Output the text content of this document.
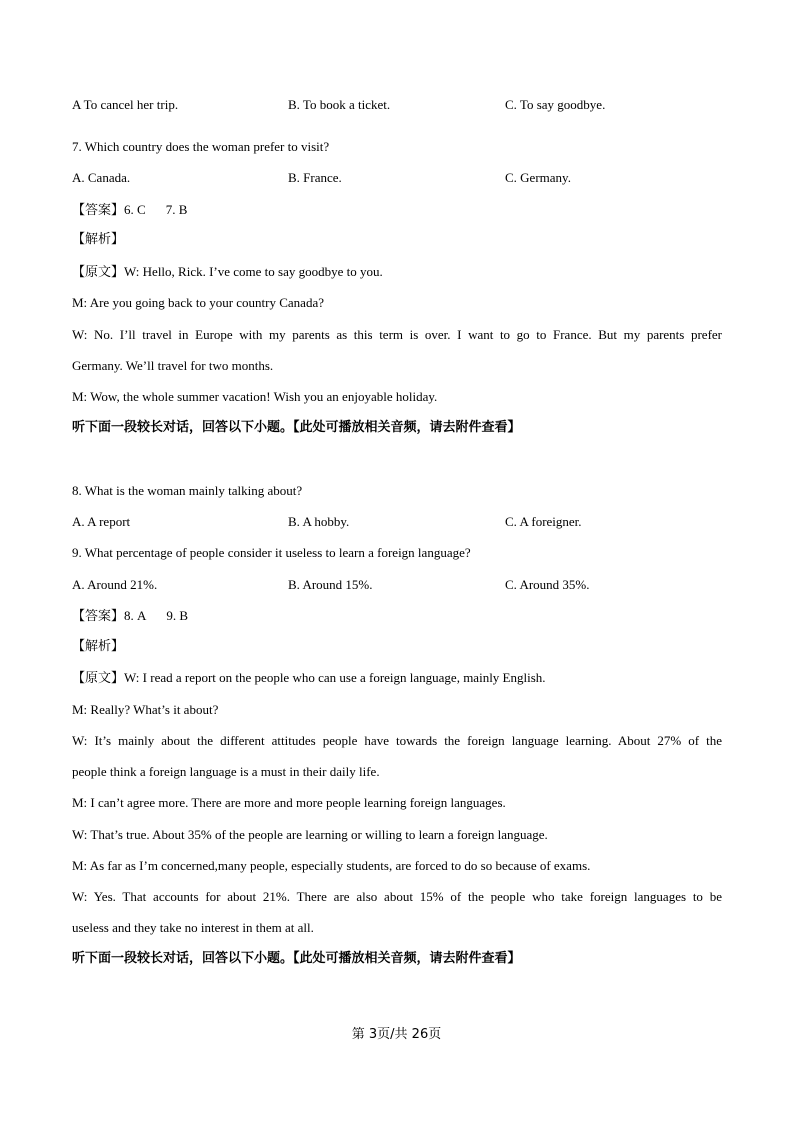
A To cancel her trip.	B. To book a ticket.	C. To say goodbye.
7. Which country does the woman prefer to visit?
A. Canada.	B. France.	C. Germany.
【答案】6. C 7. B
【解析】
【原文】W: Hello, Rick. I’ve come to say goodbye to you.
M: Are you going back to your country Canada?
W: No. I’ll travel in Europe with my parents as this term is over. I want to go to France. But my parents prefer
Germany. We’ll travel for two months.
M: Wow, the whole summer vacation! Wish you an enjoyable holiday.
听下面一段较长对话，回答以下小题。【此处可播放相关音频，请去附件查看】
8. What is the woman mainly talking about?
A. A report	B. A hobby.	C. A foreigner.
9. What percentage of people consider it useless to learn a foreign language?
A. Around 21%.	B. Around 15%.	C. Around 35%.
【答案】8. A 9. B
【解析】
【原文】W: I read a report on the people who can use a foreign language, mainly English.
M: Really? What’s it about?
W: It’s mainly about the different attitudes people have towards the foreign language learning. About 27% of the
people think a foreign language is a must in their daily life.
M: I can’t agree more. There are more and more people learning foreign languages.
W: That’s true. About 35% of the people are learning or willing to learn a foreign language.
M: As far as I’m concerned,many people, especially students, are forced to do so because of exams.
W: Yes. That accounts for about 21%. There are also about 15% of the people who take foreign languages to be
useless and they take no interest in them at all.
听下面一段较长对话，回答以下小题。【此处可播放相关音频，请去附件查看】
第 3页/共 26页
